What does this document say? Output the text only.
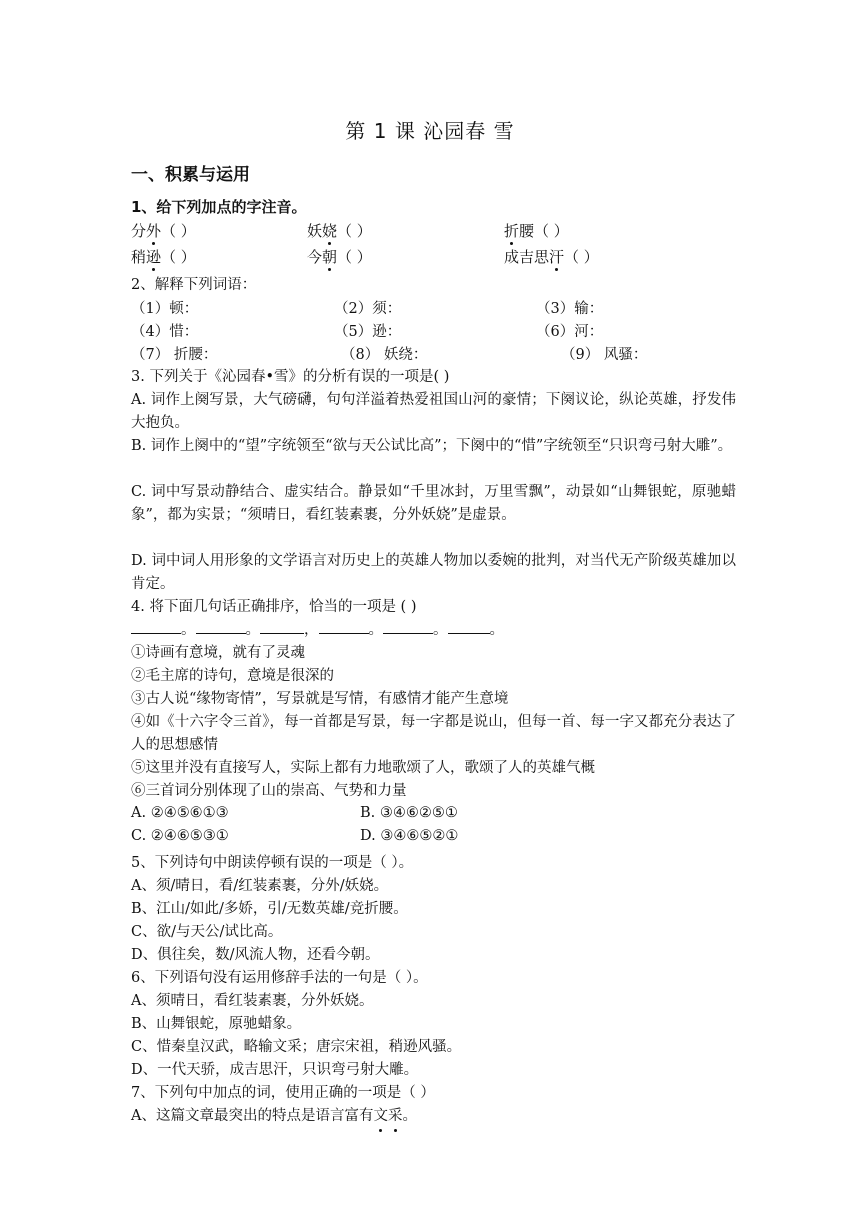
第 1 课 沁园春 雪
一、积累与运用
1、给下列加点的字注音。
分外（ ）	妖娆（ ）	折腰（ ）
稍逊（ ）	今朝（ ）	成吉思汗（ ）
2、解释下列词语：
（1）顿：	（2）须：	（3）输：
（4）惜：	（5）逊：	（6）河：
（7） 折腰：	（8） 妖绕：	（9） 风骚：
3. 下列关于《沁园春•雪》的分析有误的一项是( )
A. 词作上阕写景，大气磅礴，句句洋溢着热爱祖国山河的豪情；下阕议论，纵论英雄，抒发伟大抱负。
B. 词作上阕中的“望”字统领至“欲与天公试比高”；下阕中的“惜”字统领至“只识弯弓射大雕”。
C. 词中写景动静结合、虚实结合。静景如“千里冰封，万里雪飘”，动景如“山舞银蛇，原驰蜡象”，都为实景；“须晴日，看红装素裹，分外妖娆”是虚景。
D. 词中词人用形象的文学语言对历史上的英雄人物加以委婉的批判，对当代无产阶级英雄加以肯定。
4. 将下面几句话正确排序，恰当的一项是 ( )
。	。	，	。	。	。
①诗画有意境，就有了灵魂
②毛主席的诗句，意境是很深的
③古人说“缘物寄情”，写景就是写情，有感情才能产生意境
④如《十六字令三首》，每一首都是写景，每一字都是说山，但每一首、每一字又都充分表达了人的思想感情
⑤这里并没有直接写人，实际上都有力地歌颂了人，歌颂了人的英雄气概
⑥三首词分别体现了山的崇高、气势和力量
A. ②④⑤⑥①③	B. ③④⑥②⑤①
C. ②④⑥⑤③①	D. ③④⑥⑤②①
5、下列诗句中朗读停顿有误的一项是（ ）。
A、须/晴日，看/红装素裹，分外/妖娆。
B、江山/如此/多娇，引/无数英雄/竞折腰。
C、欲/与天公/试比高。
D、俱往矣，数/风流人物，还看今朝。
6、下列语句没有运用修辞手法的一句是（ ）。
A、须晴日，看红装素裹，分外妖娆。
B、山舞银蛇，原驰蜡象。
C、惜秦皇汉武，略输文采；唐宗宋祖，稍逊风骚。
D、一代天骄，成吉思汗，只识弯弓射大雕。
7、下列句中加点的词，使用正确的一项是（ ）
A、这篇文章最突出的特点是语言富有文采。
